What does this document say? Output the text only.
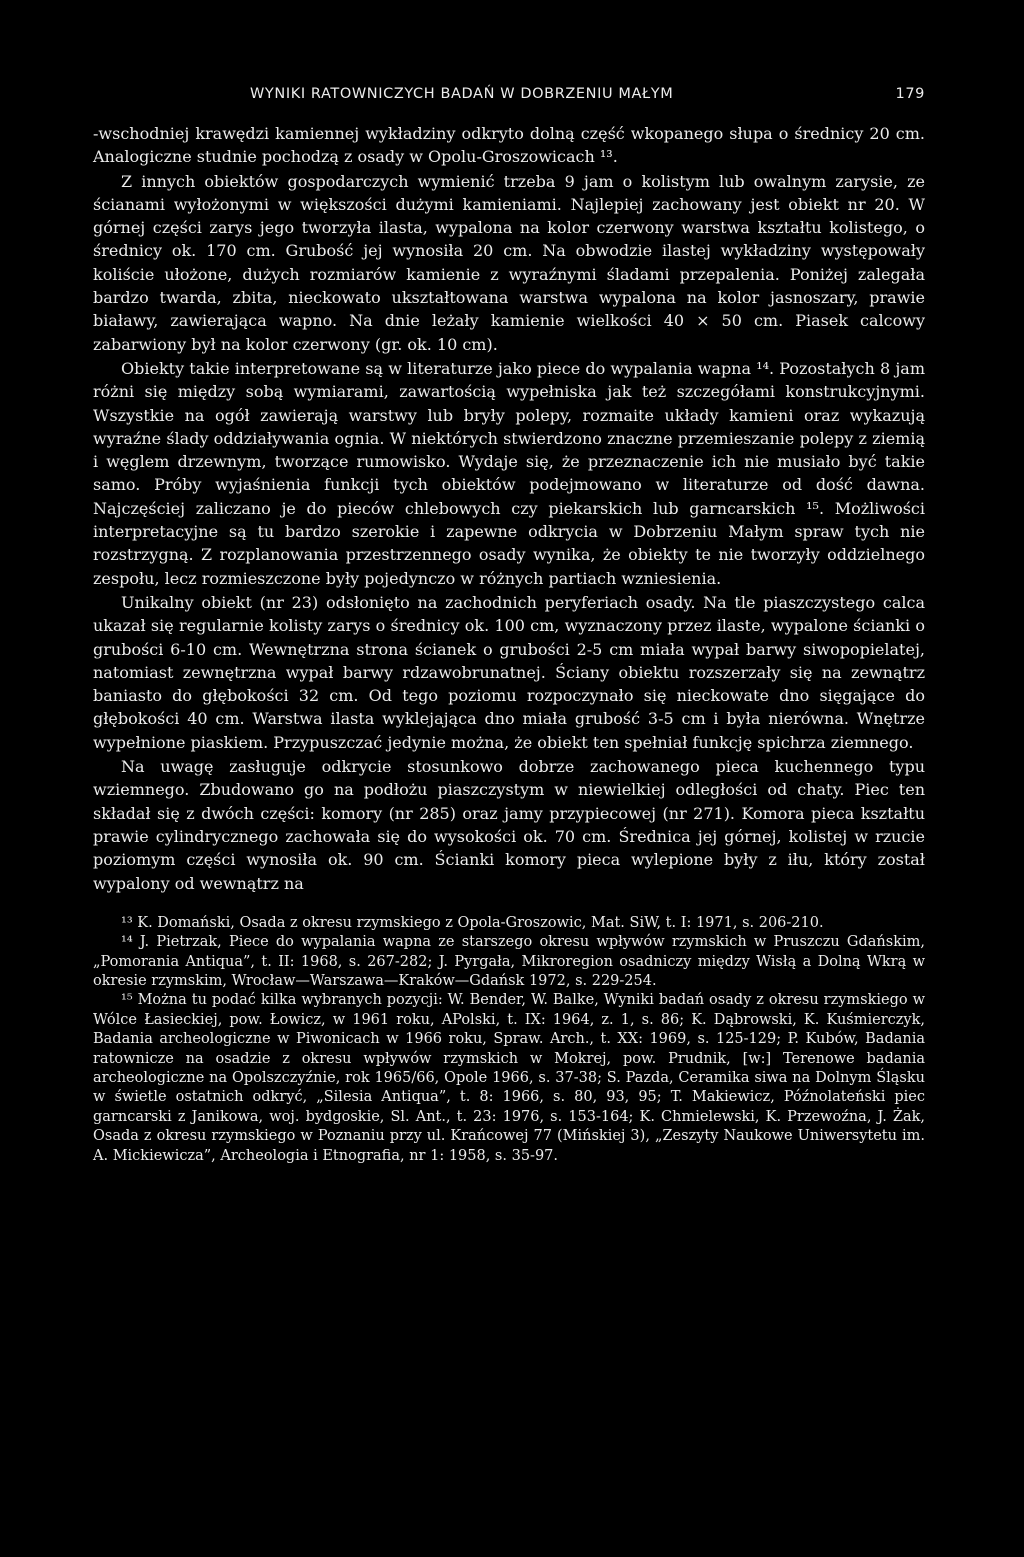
WYNIKI RATOWNICZYCH BADAŃ W DOBRZENIU MAŁYM	179

-wschodniej krawędzi kamiennej wykładziny odkryto dolną część wkopanego słupa o średnicy 20 cm. Analogiczne studnie pochodzą z osady w Opolu-Groszowicach ¹³.

Z innych obiektów gospodarczych wymienić trzeba 9 jam o kolistym lub owalnym zarysie, ze ścianami wyłożonymi w większości dużymi kamieniami. Najlepiej zachowany jest obiekt nr 20. W górnej części zarys jego tworzyła ilasta, wypalona na kolor czerwony warstwa kształtu kolistego, o średnicy ok. 170 cm. Grubość jej wynosiła 20 cm. Na obwodzie ilastej wykładziny występowały koliście ułożone, dużych rozmiarów kamienie z wyraźnymi śladami przepalenia. Poniżej zalegała bardzo twarda, zbita, nieckowato ukształtowana warstwa wypalona na kolor jasnoszary, prawie białawy, zawierająca wapno. Na dnie leżały kamienie wielkości 40 × 50 cm. Piasek calcowy zabarwiony był na kolor czerwony (gr. ok. 10 cm).

Obiekty takie interpretowane są w literaturze jako piece do wypalania wapna ¹⁴. Pozostałych 8 jam różni się między sobą wymiarami, zawartością wypełniska jak też szczegółami konstrukcyjnymi. Wszystkie na ogół zawierają warstwy lub bryły polepy, rozmaite układy kamieni oraz wykazują wyraźne ślady oddziaływania ognia. W niektórych stwierdzono znaczne przemieszanie polepy z ziemią i węglem drzewnym, tworzące rumowisko. Wydaje się, że przeznaczenie ich nie musiało być takie samo. Próby wyjaśnienia funkcji tych obiektów podejmowano w literaturze od dość dawna. Najczęściej zaliczano je do pieców chlebowych czy piekarskich lub garncarskich ¹⁵. Możliwości interpretacyjne są tu bardzo szerokie i zapewne odkrycia w Dobrzeniu Małym spraw tych nie rozstrzygną. Z rozplanowania przestrzennego osady wynika, że obiekty te nie tworzyły oddzielnego zespołu, lecz rozmieszczone były pojedynczo w różnych partiach wzniesienia.

Unikalny obiekt (nr 23) odsłonięto na zachodnich peryferiach osady. Na tle piaszczystego calca ukazał się regularnie kolisty zarys o średnicy ok. 100 cm, wyznaczony przez ilaste, wypalone ścianki o grubości 6-10 cm. Wewnętrzna strona ścianek o grubości 2-5 cm miała wypał barwy siwopopielatej, natomiast zewnętrzna wypał barwy rdzawobrunatnej. Ściany obiektu rozszerzały się na zewnątrz baniasto do głębokości 32 cm. Od tego poziomu rozpoczynało się nieckowate dno sięgające do głębokości 40 cm. Warstwa ilasta wyklejająca dno miała grubość 3-5 cm i była nierówna. Wnętrze wypełnione piaskiem. Przypuszczać jedynie można, że obiekt ten spełniał funkcję spichrza ziemnego.

Na uwagę zasługuje odkrycie stosunkowo dobrze zachowanego pieca kuchennego typu wziemnego. Zbudowano go na podłożu piaszczystym w niewielkiej odległości od chaty. Piec ten składał się z dwóch części: komory (nr 285) oraz jamy przypiecowej (nr 271). Komora pieca kształtu prawie cylindrycznego zachowała się do wysokości ok. 70 cm. Średnica jej górnej, kolistej w rzucie poziomym części wynosiła ok. 90 cm. Ścianki komory pieca wylepione były z iłu, który został wypalony od wewnątrz na

¹³ K. Domański, Osada z okresu rzymskiego z Opola-Groszowic, Mat. SiW, t. I: 1971, s. 206-210.

¹⁴ J. Pietrzak, Piece do wypalania wapna ze starszego okresu wpływów rzymskich w Pruszczu Gdańskim, „Pomorania Antiqua”, t. II: 1968, s. 267-282; J. Pyrgała, Mikroregion osadniczy między Wisłą a Dolną Wkrą w okresie rzymskim, Wrocław—Warszawa—Kraków—Gdańsk 1972, s. 229-254.

¹⁵ Można tu podać kilka wybranych pozycji: W. Bender, W. Balke, Wyniki badań osady z okresu rzymskiego w Wólce Łasieckiej, pow. Łowicz, w 1961 roku, APolski, t. IX: 1964, z. 1, s. 86; K. Dąbrowski, K. Kuśmierczyk, Badania archeologiczne w Piwonicach w 1966 roku, Spraw. Arch., t. XX: 1969, s. 125-129; P. Kubów, Badania ratownicze na osadzie z okresu wpływów rzymskich w Mokrej, pow. Prudnik, [w:] Terenowe badania archeologiczne na Opolszczyźnie, rok 1965/66, Opole 1966, s. 37-38; S. Pazda, Ceramika siwa na Dolnym Śląsku w świetle ostatnich odkryć, „Silesia Antiqua”, t. 8: 1966, s. 80, 93, 95; T. Makiewicz, Późnolateński piec garncarski z Janikowa, woj. bydgoskie, Sl. Ant., t. 23: 1976, s. 153-164; K. Chmielewski, K. Przewoźna, J. Żak, Osada z okresu rzymskiego w Poznaniu przy ul. Krańcowej 77 (Mińskiej 3), „Zeszyty Naukowe Uniwersytetu im. A. Mickiewicza”, Archeologia i Etnografia, nr 1: 1958, s. 35-97.
